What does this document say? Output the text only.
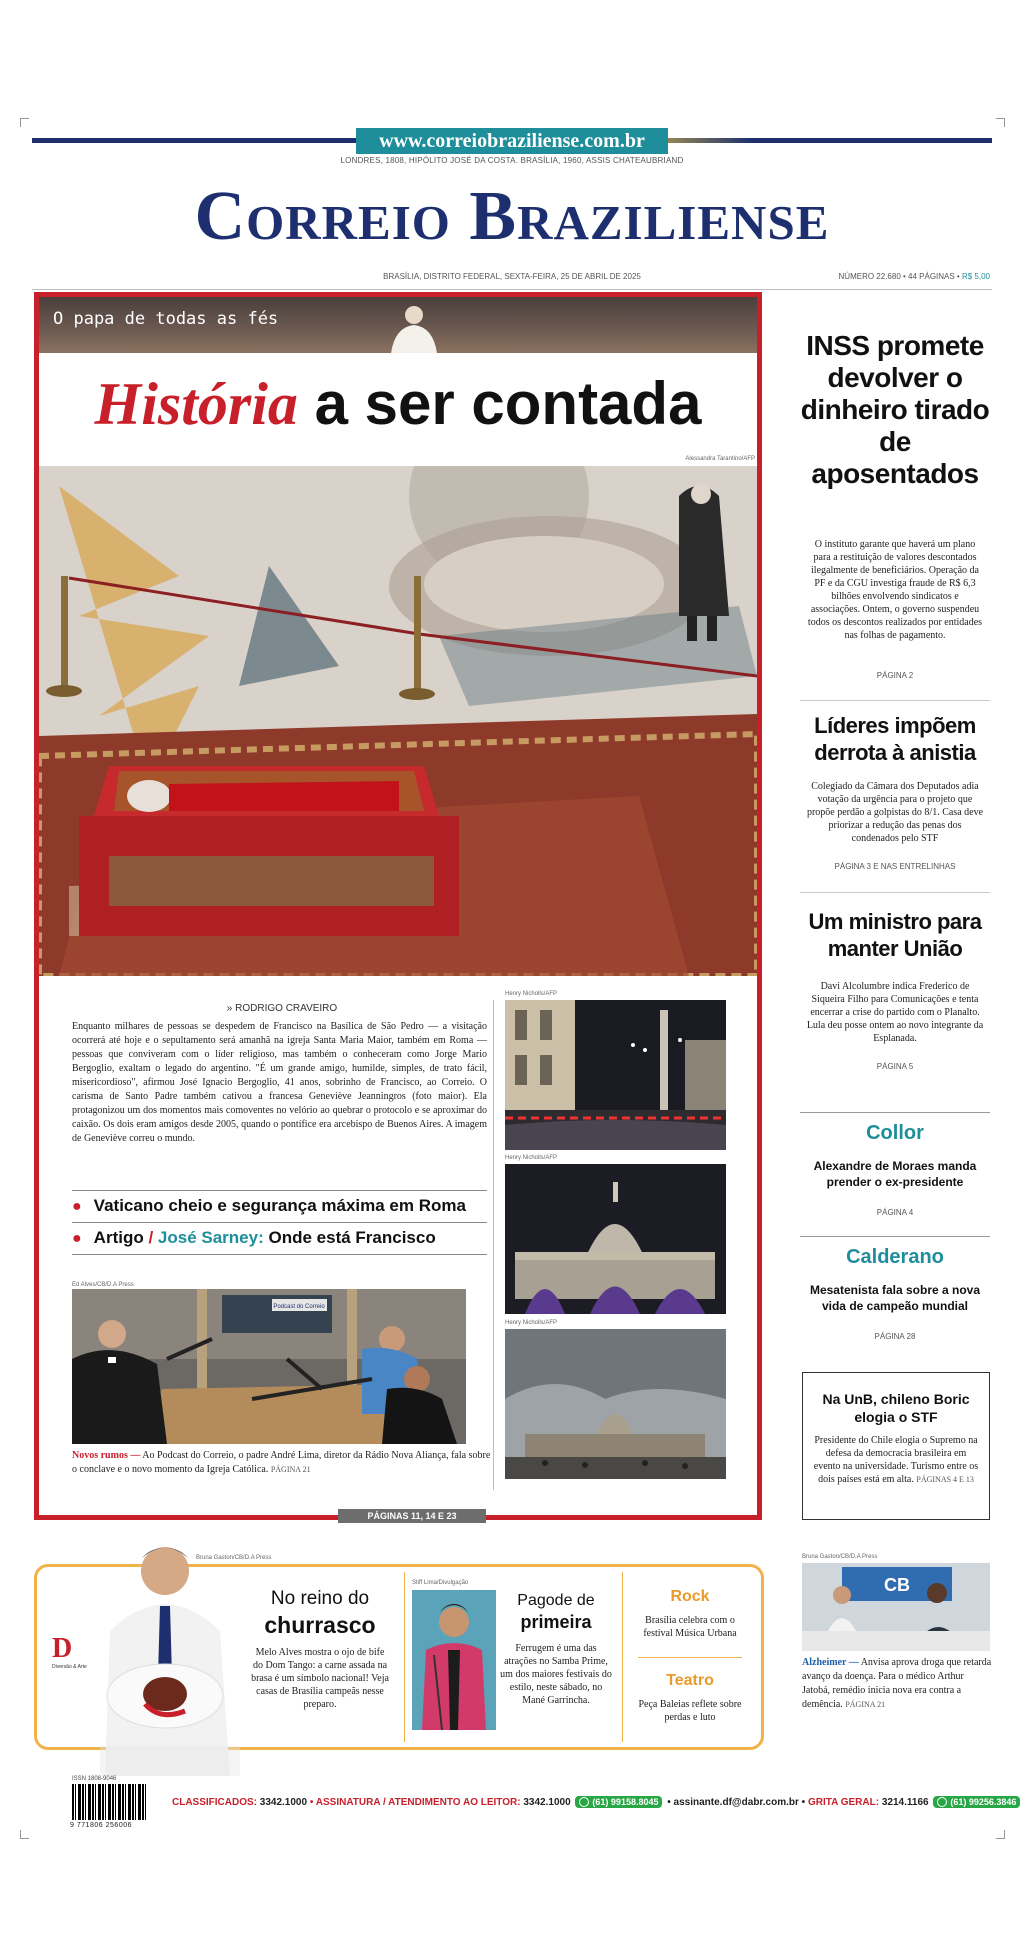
www.correiobraziliense.com.br
LONDRES, 1808, HIPÓLITO JOSÉ DA COSTA. BRASÍLIA, 1960, ASSIS CHATEAUBRIAND
Correio Braziliense
BRASÍLIA, DISTRITO FEDERAL, SEXTA-FEIRA, 25 DE ABRIL DE 2025	NÚMERO 22.680 • 44 PÁGINAS • R$ 5,00
O papa de todas as fés
História a ser contada
Alessandra Tarantino/AFP
» RODRIGO CRAVEIRO
Enquanto milhares de pessoas se despedem de Francisco na Basílica de São Pedro — a visitação ocorrerá até hoje e o sepultamento será amanhã na igreja Santa Maria Maior, também em Roma — pessoas que conviveram com o líder religioso, mas também o conheceram como Jorge Mario Bergoglio, exaltam o legado do argentino. "É um grande amigo, humilde, simples, de trato fácil, misericordioso", afirmou José Ignacio Bergoglio, 41 anos, sobrinho de Francisco, ao Correio. O carisma de Santo Padre também cativou a francesa Geneviève Jeanningros (foto maior). Ela protagonizou um dos momentos mais comoventes no velório ao quebrar o protocolo e se aproximar do caixão. Os dois eram amigos desde 2005, quando o pontífice era arcebispo de Buenos Aires. A imagem de Geneviève correu o mundo.
● Vaticano cheio e segurança máxima em Roma
● Artigo / José Sarney: Onde está Francisco
Ed Alves/CB/D.A Press
Podcast do Correio
Novos rumos — Ao Podcast do Correio, o padre André Lima, diretor da Rádio Nova Aliança, fala sobre o conclave e o novo momento da Igreja Católica. PÁGINA 21
Henry Nicholls/AFP
Henry Nicholls/AFP
Henry Nicholls/AFP
PÁGINAS 11, 14 E 23
INSS promete devolver o dinheiro tirado de aposentados
O instituto garante que haverá um plano para a restituição de valores descontados ilegalmente de beneficiários. Operação da PF e da CGU investiga fraude de R$ 6,3 bilhões envolvendo sindicatos e associações. Ontem, o governo suspendeu todos os descontos realizados por entidades nas folhas de pagamento.
PÁGINA 2
Líderes impõem derrota à anistia
Colegiado da Câmara dos Deputados adia votação da urgência para o projeto que propõe perdão a golpistas do 8/1. Casa deve priorizar a redução das penas dos condenados pelo STF
PÁGINA 3 E NAS ENTRELINHAS
Um ministro para manter União
Davi Alcolumbre indica Frederico de Siqueira Filho para Comunicações e tenta encerrar a crise do partido com o Planalto. Lula deu posse ontem ao novo integrante da Esplanada.
PÁGINA 5
Collor
Alexandre de Moraes manda prender o ex-presidente
PÁGINA 4
Calderano
Mesatenista fala sobre a nova vida de campeão mundial
PÁGINA 28
Na UnB, chileno Boric elogia o STF
Presidente do Chile elogia o Supremo na defesa da democracia brasileira em evento na universidade. Turismo entre os dois países está em alta. PÁGINAS 4 E 13
Bruna Gaston/CB/D.A Press
D
Diversão & Arte
No reino do
churrasco
Melo Alves mostra o ojo de bife do Dom Tango: a carne assada na brasa é um símbolo nacional! Veja casas de Brasília campeãs nesse preparo.
Stiff Lima/Divulgação
Pagode de
primeira
Ferrugem é uma das atrações no Samba Prime, um dos maiores festivais do estilo, neste sábado, no Mané Garrincha.
Rock
Brasília celebra com o festival Música Urbana
Teatro
Peça Baleias reflete sobre perdas e luto
Bruna Gaston/CB/D.A Press
CB
Alzheimer — Anvisa aprova droga que retarda avanço da doença. Para o médico Arthur Jatobá, remédio inicia nova era contra a demência. PÁGINA 21
ISSN 1808-9046
9 771806 256006
CLASSIFICADOS: 3342.1000 • ASSINATURA / ATENDIMENTO AO LEITOR: 3342.1000 (61) 99158.8045 • assinante.df@dabr.com.br • GRITA GERAL: 3214.1166 (61) 99256.3846
